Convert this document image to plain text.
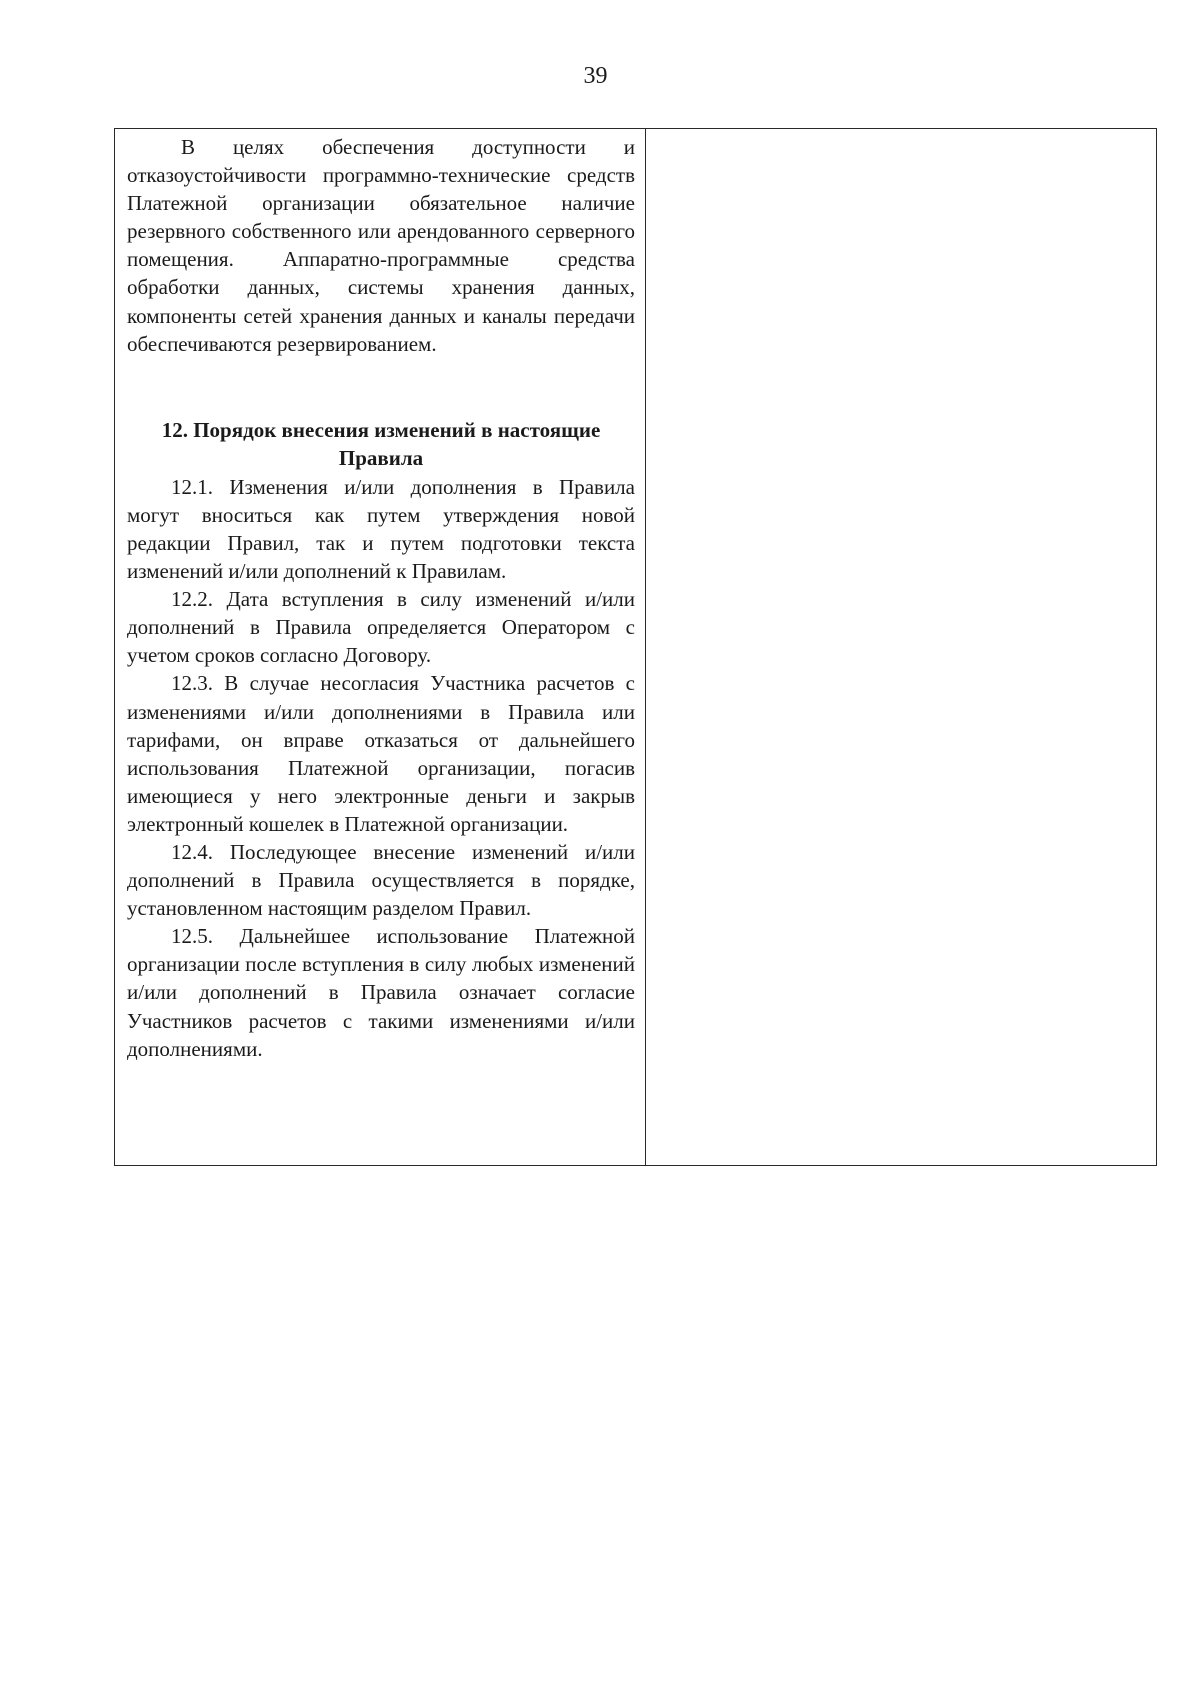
39

В целях обеспечения доступности и отказоустойчивости программно-технические средств Платежной организации обязательное наличие резервного собственного или арендованного серверного помещения. Аппаратно-программные средства обработки данных, системы хранения данных, компоненты сетей хранения данных и каналы передачи обеспечиваются резервированием.

12. Порядок внесения изменений в настоящие Правила

12.1. Изменения и/или дополнения в Правила могут вноситься как путем утверждения новой редакции Правил, так и путем подготовки текста изменений и/или дополнений к Правилам.

12.2. Дата вступления в силу изменений и/или дополнений в Правила определяется Оператором с учетом сроков согласно Договору.

12.3. В случае несогласия Участника расчетов с изменениями и/или дополнениями в Правила или тарифами, он вправе отказаться от дальнейшего использования Платежной организации, погасив имеющиеся у него электронные деньги и закрыв электронный кошелек в Платежной организации.

12.4. Последующее внесение изменений и/или дополнений в Правила осуществляется в порядке, установленном настоящим разделом Правил.

12.5. Дальнейшее использование Платежной организации после вступления в силу любых изменений и/или дополнений в Правила означает согласие Участников расчетов с такими изменениями и/или дополнениями.
